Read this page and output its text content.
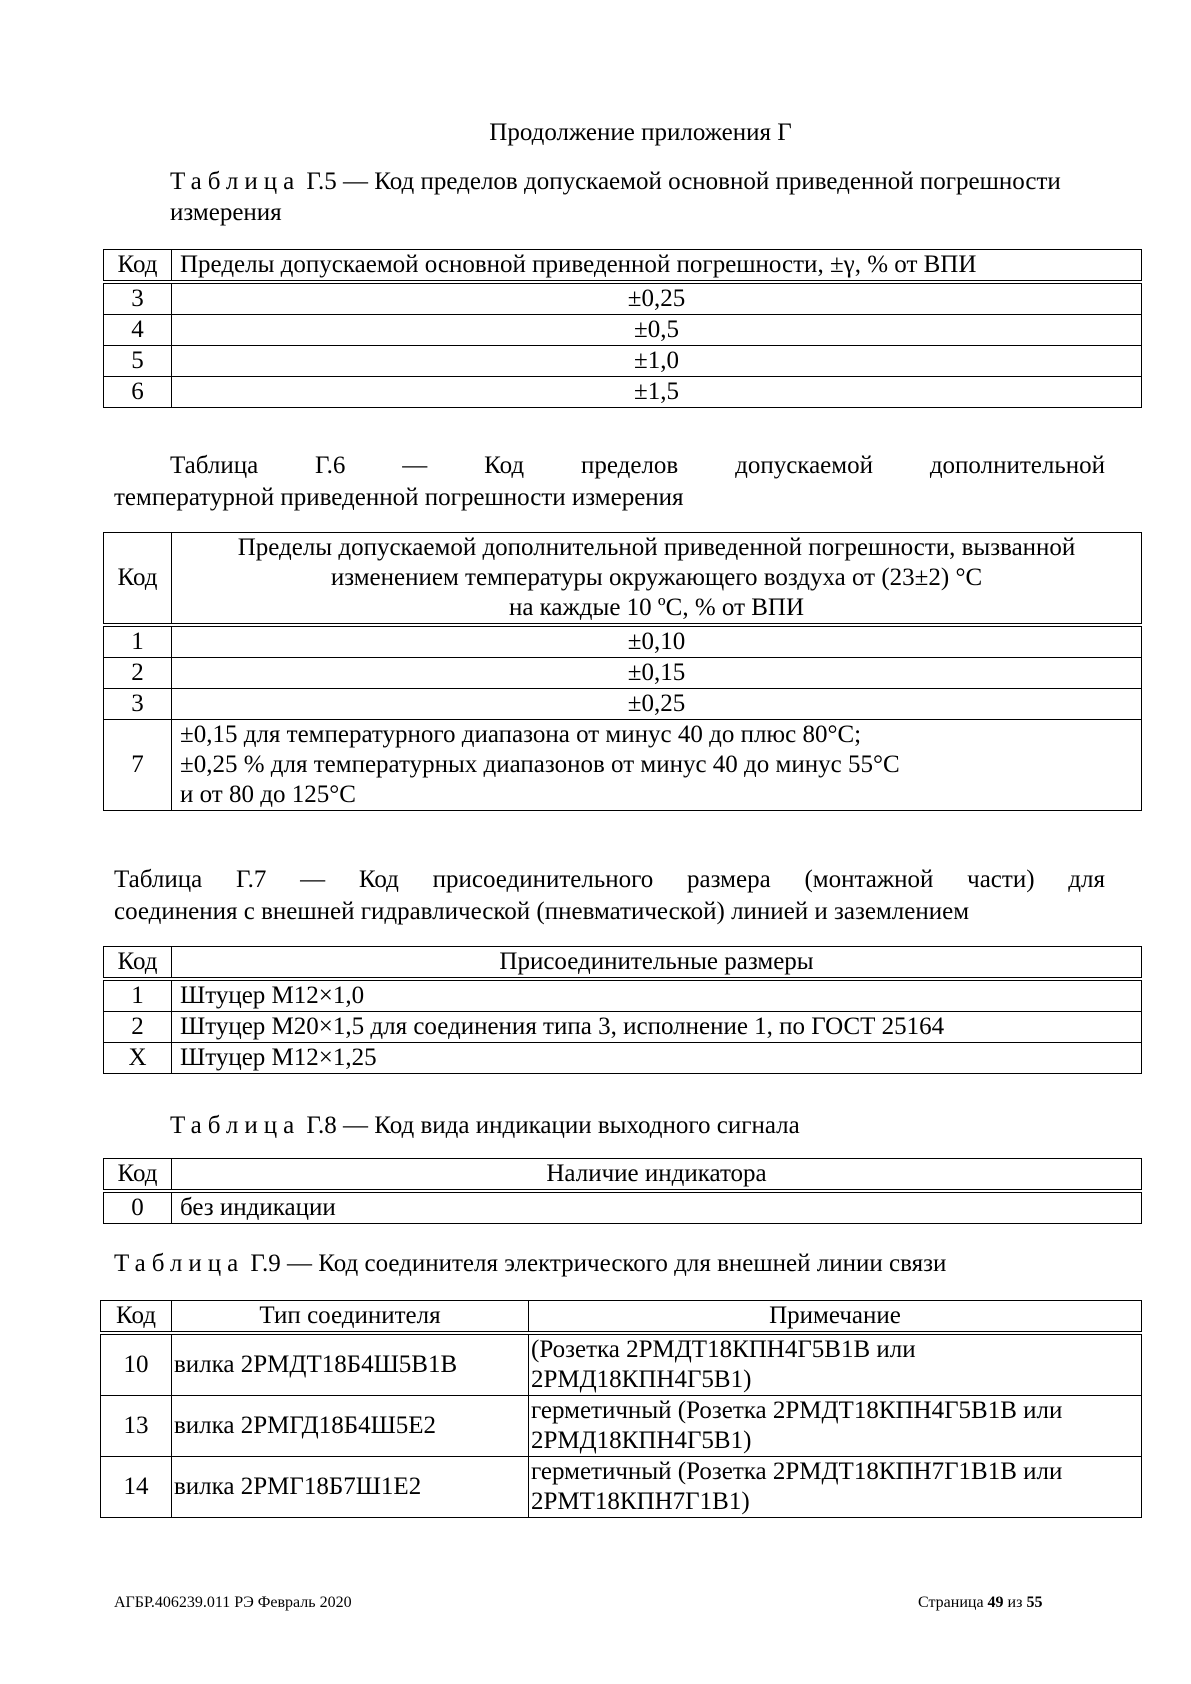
Продолжение приложения Г
Таблица Г.5 — Код пределов допускаемой основной приведенной погрешности измерения
Код	Пределы допускаемой основной приведенной погрешности, ±γ, % от ВПИ
3	±0,25
4	±0,5
5	±1,0
6	±1,5
Таблица Г.6 — Код пределов допускаемой дополнительной
температурной приведенной погрешности измерения
Код	Пределы допускаемой дополнительной приведенной погрешности, вызванной
изменением температуры окружающего воздуха от (23±2) °С
на каждые 10 ºС, % от ВПИ

1	±0,10
2	±0,15
3	±0,25
7	±0,15 для температурного диапазона от минус 40 до плюс 80°С;
±0,25 % для температурных диапазонов от минус 40 до минус 55°С
и от 80 до 125°С
Таблица Г.7 — Код присоединительного размера (монтажной части) для
соединения с внешней гидравлической (пневматической) линией и заземлением
Код	Присоединительные размеры
1	Штуцер М12×1,0
2	Штуцер М20×1,5 для соединения типа 3, исполнение 1, по ГОСТ 25164
X	Штуцер М12×1,25
Таблица Г.8 — Код вида индикации выходного сигнала
Код	Наличие индикатора
0	без индикации
Таблица Г.9 — Код соединителя электрического для внешней линии связи
Код	Тип соединителя	Примечание
10	вилка 2РМДТ18Б4Ш5В1В	(Розетка 2РМДТ18КПН4Г5В1В или
2РМД18КПН4Г5В1)

13	вилка 2РМГД18Б4Ш5Е2	герметичный (Розетка 2РМДТ18КПН4Г5В1В или
2РМД18КПН4Г5В1)

14	вилка 2РМГ18Б7Ш1Е2	герметичный (Розетка 2РМДТ18КПН7Г1В1В или
2РМТ18КПН7Г1В1)
АГБР.406239.011 РЭ Февраль 2020	Страница 49 из 55
